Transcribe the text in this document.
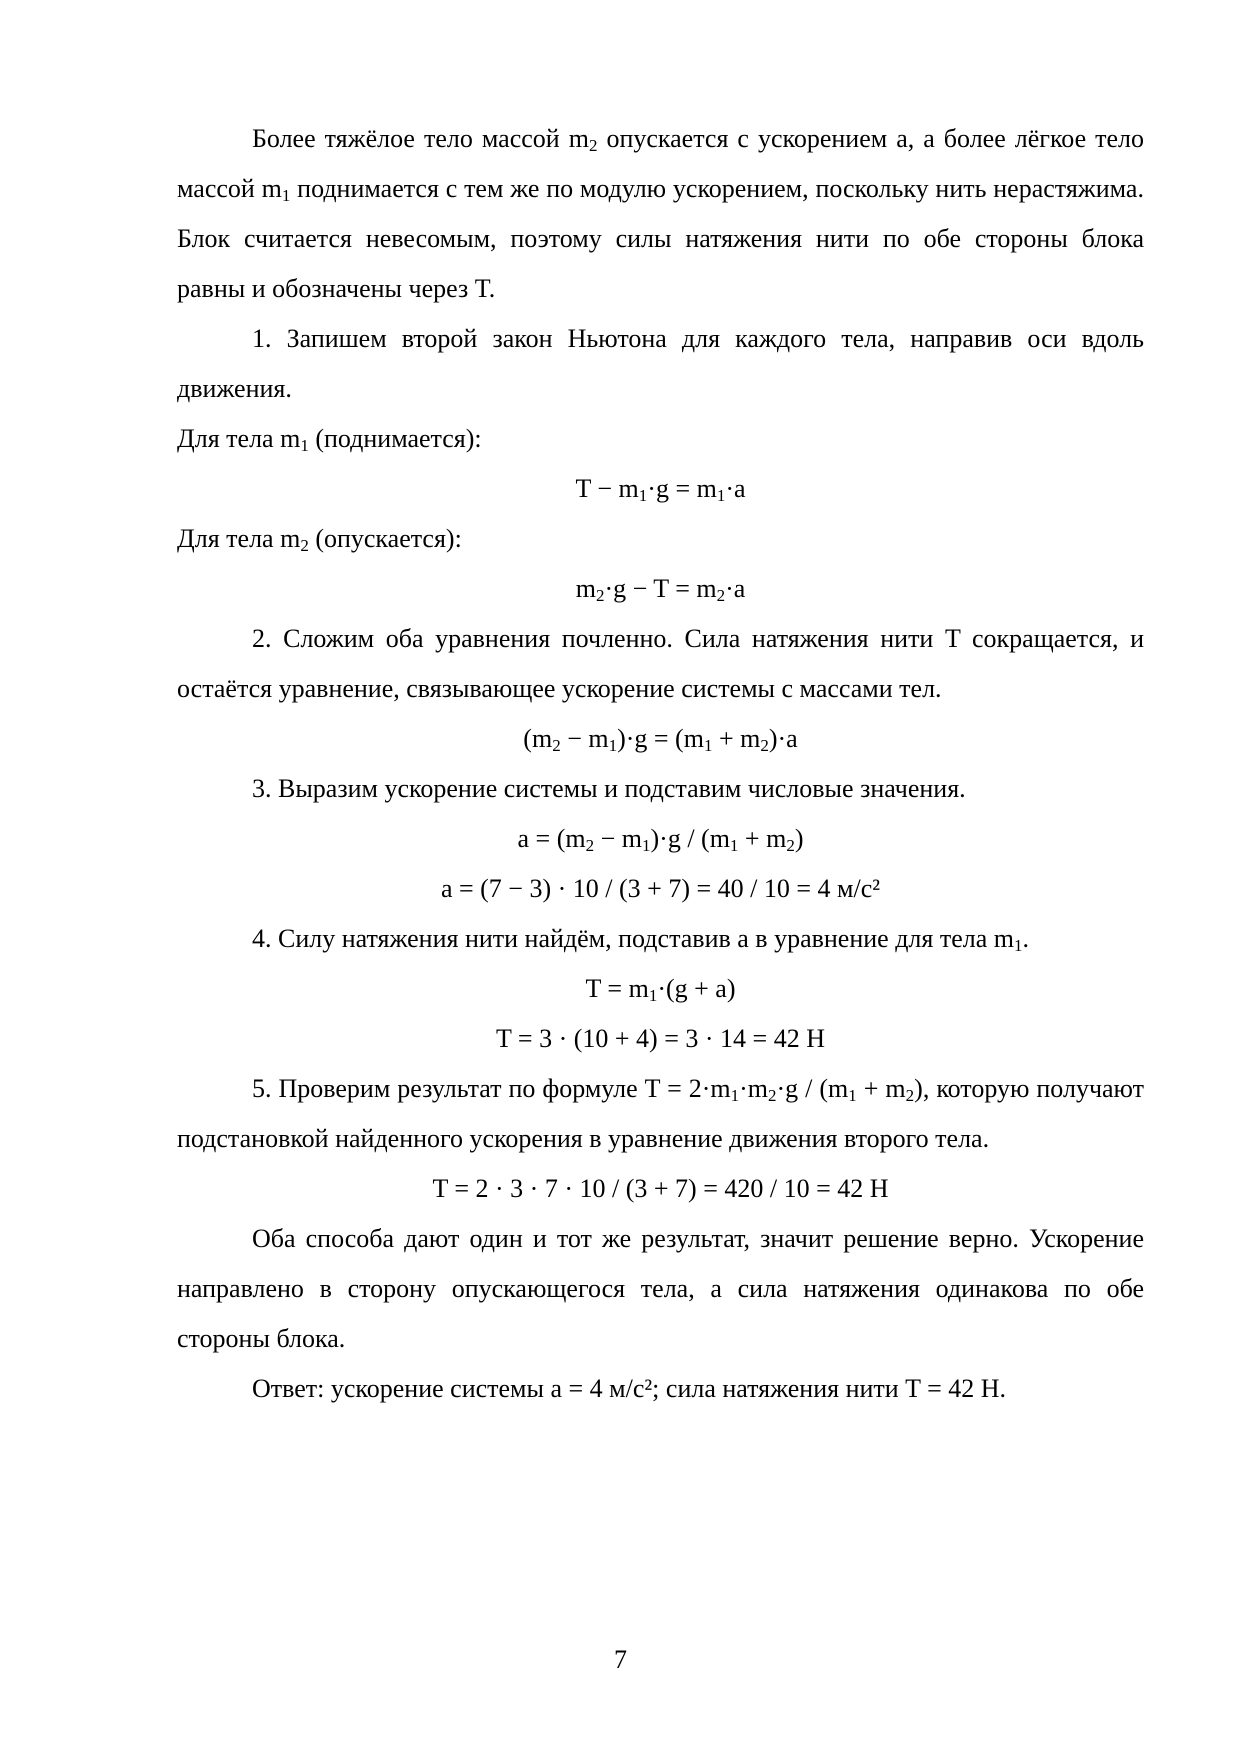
Более тяжёлое тело массой m2 опускается с ускорением a, а более лёгкое тело массой m1 поднимается с тем же по модулю ускорением, поскольку нить нерастяжима. Блок считается невесомым, поэтому силы натяжения нити по обе стороны блока равны и обозначены через T.

1. Запишем второй закон Ньютона для каждого тела, направив оси вдоль движения.

Для тела m1 (поднимается):

T − m1·g = m1·a

Для тела m2 (опускается):

m2·g − T = m2·a

2. Сложим оба уравнения почленно. Сила натяжения нити T сокращается, и остаётся уравнение, связывающее ускорение системы с массами тел.

(m2 − m1)·g = (m1 + m2)·a

3. Выразим ускорение системы и подставим числовые значения.

a = (m2 − m1)·g / (m1 + m2)

a = (7 − 3) · 10 / (3 + 7) = 40 / 10 = 4 м/с²

4. Силу натяжения нити найдём, подставив a в уравнение для тела m1.

T = m1·(g + a)

T = 3 · (10 + 4) = 3 · 14 = 42 Н

5. Проверим результат по формуле T = 2·m1·m2·g / (m1 + m2), которую получают подстановкой найденного ускорения в уравнение движения второго тела.

T = 2 · 3 · 7 · 10 / (3 + 7) = 420 / 10 = 42 Н

Оба способа дают один и тот же результат, значит решение верно. Ускорение направлено в сторону опускающегося тела, а сила натяжения одинакова по обе стороны блока.

Ответ: ускорение системы a = 4 м/с²; сила натяжения нити T = 42 Н.

7
